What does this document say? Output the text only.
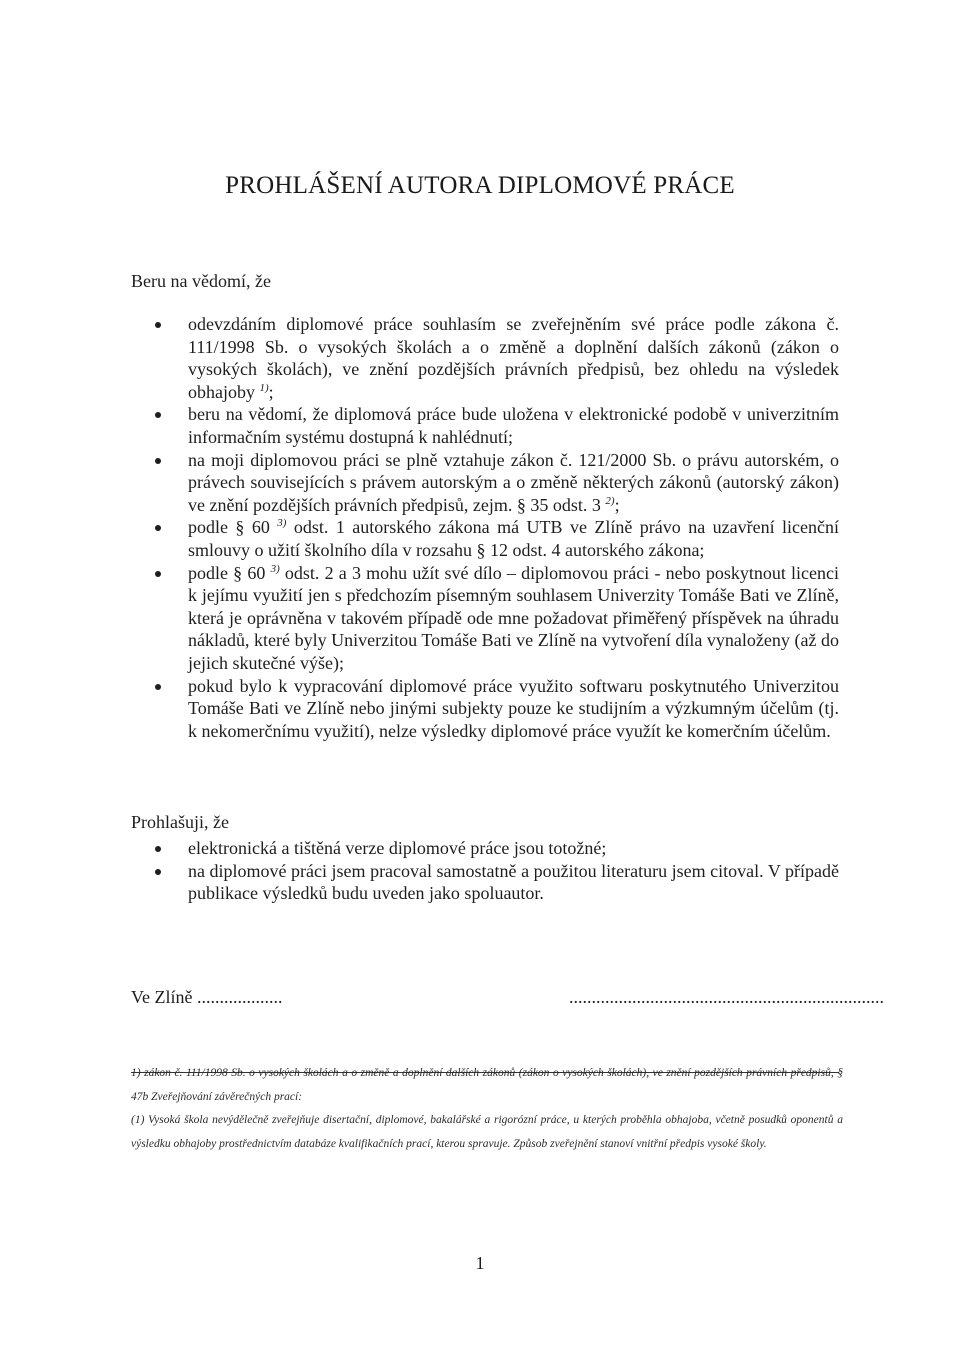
PROHLÁŠENÍ AUTORA DIPLOMOVÉ PRÁCE
Beru na vědomí, že
odevzdáním diplomové práce souhlasím se zveřejněním své práce podle zákona č. 111/1998 Sb. o vysokých školách a o změně a doplnění dalších zákonů (zákon o vysokých školách), ve znění pozdějších právních předpisů, bez ohledu na výsledek obhajoby $^{1)}$;
beru na vědomí, že diplomová práce bude uložena v elektronické podobě v univerzitním informačním systému dostupná k nahlédnutí;
na moji diplomovou práci se plně vztahuje zákon č. 121/2000 Sb. o právu autorském, o právech souvisejících s právem autorským a o změně některých zákonů (autorský zákon) ve znění pozdějších právních předpisů, zejm. § 35 odst. 3 $^{2)}$;
podle § 60 $^{3)}$ odst. 1 autorského zákona má UTB ve Zlíně právo na uzavření licenční smlouvy o užití školního díla v rozsahu § 12 odst. 4 autorského zákona;
podle § 60 $^{3)}$ odst. 2 a 3 mohu užít své dílo – diplomovou práci - nebo poskytnout licenci k jejímu využití jen s předchozím písemným souhlasem Univerzity Tomáše Bati ve Zlíně, která je oprávněna v takovém případě ode mne požadovat přiměřený příspěvek na úhradu nákladů, které byly Univerzitou Tomáše Bati ve Zlíně na vytvoření díla vynaloženy (až do jejich skutečné výše);
pokud bylo k vypracování diplomové práce využito softwaru poskytnutého Univerzitou Tomáše Bati ve Zlíně nebo jinými subjekty pouze ke studijním a výzkumným účelům (tj. k nekomerčnímu využití), nelze výsledky diplomové práce využít ke komerčním účelům.
Prohlašuji, že
elektronická a tištěná verze diplomové práce jsou totožné;
na diplomové práci jsem pracoval samostatně a použitou literaturu jsem citoval. V případě publikace výsledků budu uveden jako spoluautor.
Ve Zlíně ...................	......................................................................

1) zákon č. 111/1998 Sb. o vysokých školách a o změně a doplnění dalších zákonů (zákon o vysokých školách), ve znění pozdějších právních předpisů, § 47b Zveřejňování závěrečných prací:

(1) Vysoká škola nevýdělečně zveřejňuje disertační, diplomové, bakalářské a rigorózní práce, u kterých proběhla obhajoba, včetně posudků oponentů a výsledku obhajoby prostřednictvím databáze kvalifikačních prací, kterou spravuje. Způsob zveřejnění stanoví vnitřní předpis vysoké školy.

1
